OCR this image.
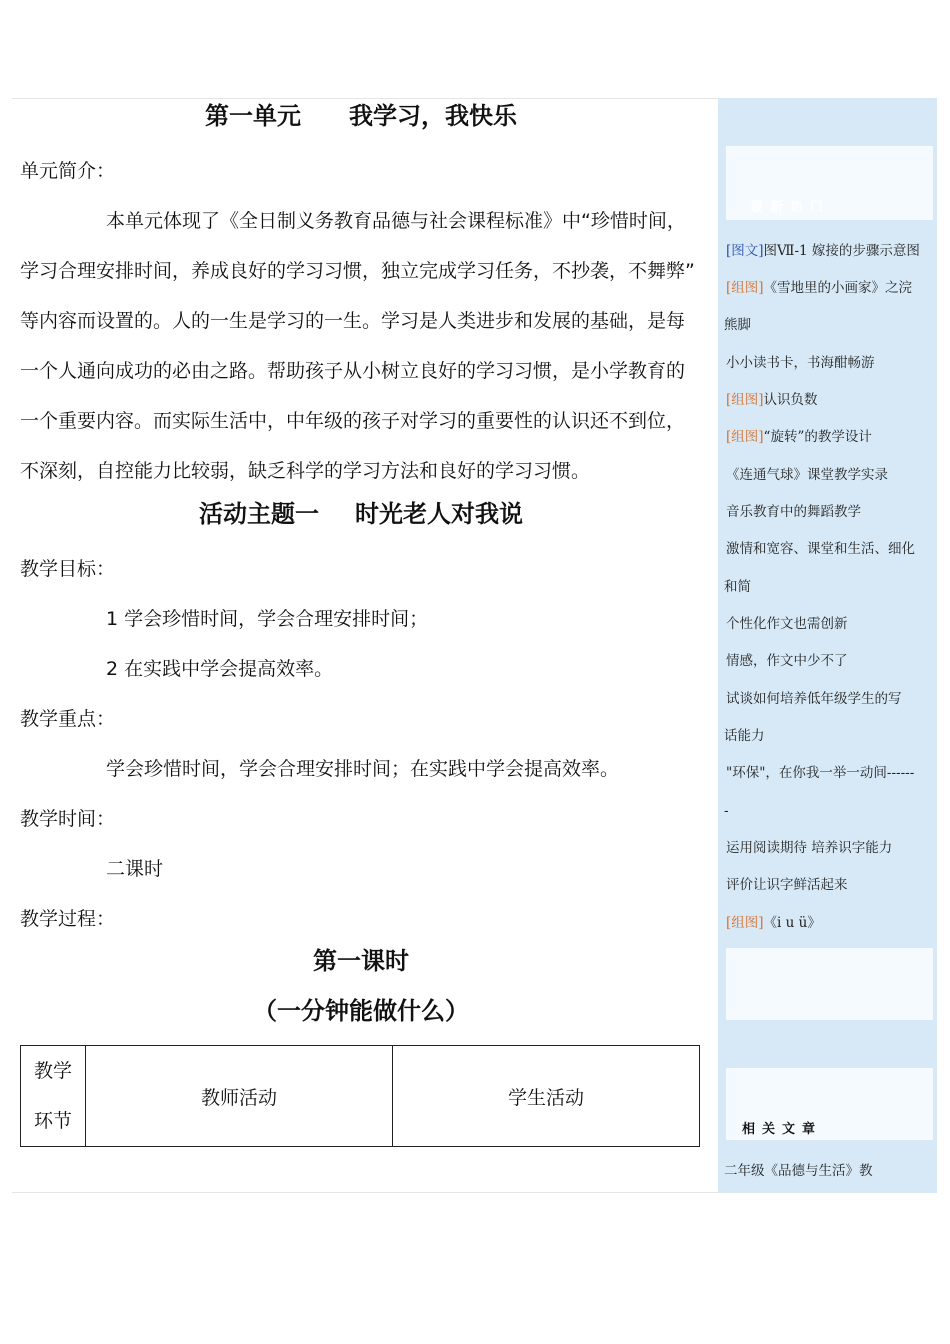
第一单元 我学习，我快乐
单元简介：
本单元体现了《全日制义务教育品德与社会课程标准》中“珍惜时间，
学习合理安排时间，养成良好的学习习惯，独立完成学习任务，不抄袭，不舞弊”
等内容而设置的。人的一生是学习的一生。学习是人类进步和发展的基础，是每
一个人通向成功的必由之路。帮助孩子从小树立良好的学习习惯，是小学教育的
一个重要内容。而实际生活中，中年级的孩子对学习的重要性的认识还不到位，
不深刻，自控能力比较弱，缺乏科学的学习方法和良好的学习习惯。
活动主题一 时光老人对我说
教学目标：
1 学会珍惜时间，学会合理安排时间；
2 在实践中学会提高效率。
教学重点：
学会珍惜时间，学会合理安排时间；在实践中学会提高效率。
教学时间：
二课时
教学过程：
第一课时
（一分钟能做什么）
教学
环节
	教师活动	学生活动
最新热门
[图文]图Ⅶ-1 嫁接的步骤示意图
[组图]《雪地里的小画家》之浣
熊脚
小小读书卡，书海酣畅游
[组图]认识负数
[组图]“旋转”的教学设计
《连通气球》课堂教学实录
音乐教育中的舞蹈教学
激情和宽容、课堂和生活、细化
和简
个性化作文也需创新
情感，作文中少不了
试谈如何培养低年级学生的写
话能力
"环保"，在你我一举一动间------
-
运用阅读期待 培养识字能力
评价让识字鲜活起来
[组图]《i u ü》
相关文章
二年级《品德与生活》教
